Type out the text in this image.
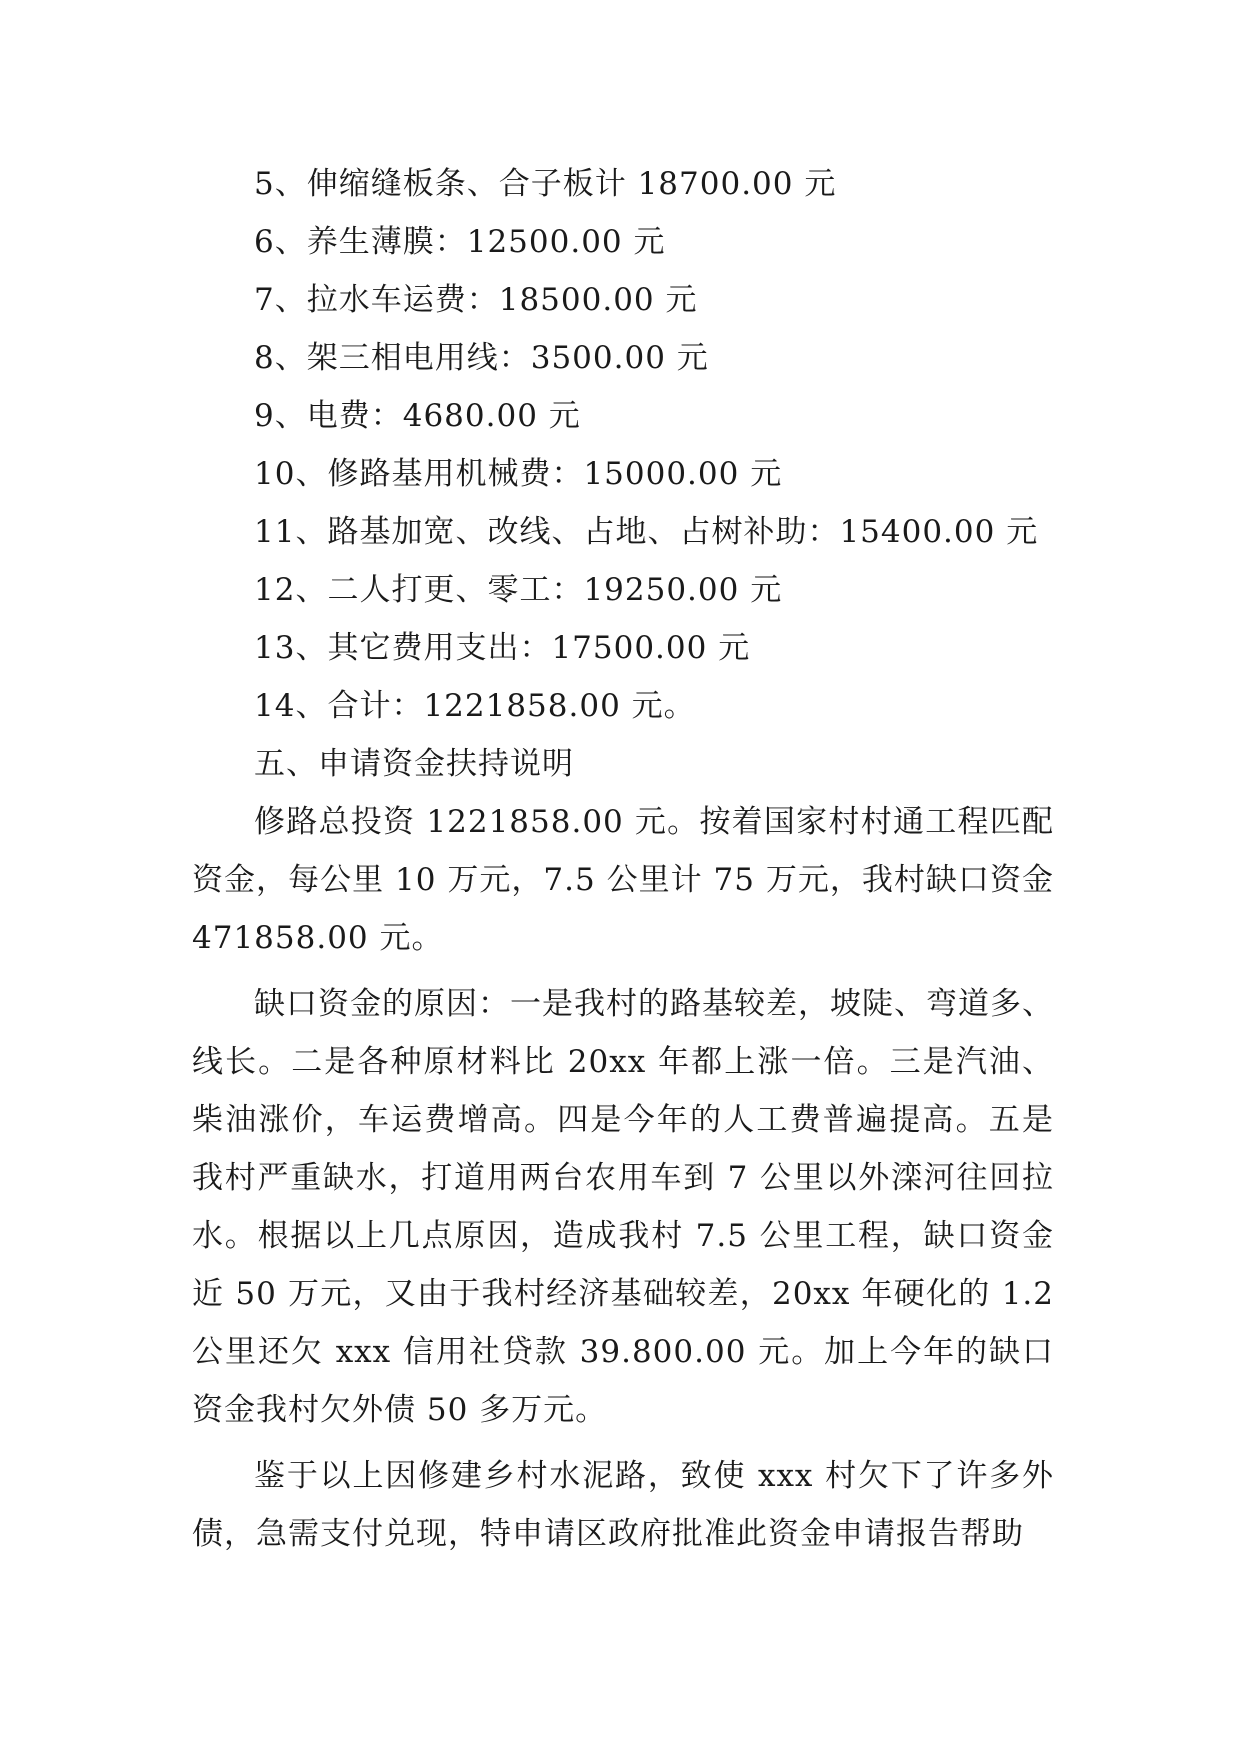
5、伸缩缝板条、合子板计 18700.00 元
6、养生薄膜：12500.00 元
7、拉水车运费：18500.00 元
8、架三相电用线：3500.00 元
9、电费：4680.00 元
10、修路基用机械费：15000.00 元
11、路基加宽、改线、占地、占树补助：15400.00 元
12、二人打更、零工：19250.00 元
13、其它费用支出：17500.00 元
14、合计：1221858.00 元。
五、申请资金扶持说明

修路总投资 1221858.00 元。按着国家村村通工程匹配资金，每公里 10 万元，7.5 公里计 75 万元，我村缺口资金 471858.00 元。

缺口资金的原因：一是我村的路基较差，坡陡、弯道多、线长。二是各种原材料比 20xx 年都上涨一倍。三是汽油、柴油涨价，车运费增高。四是今年的人工费普遍提高。五是我村严重缺水，打道用两台农用车到 7 公里以外滦河往回拉水。根据以上几点原因，造成我村 7.5 公里工程，缺口资金近 50 万元，又由于我村经济基础较差，20xx 年硬化的 1.2 公里还欠 xxx 信用社贷款 39.800.00 元。加上今年的缺口资金我村欠外债 50 多万元。

鉴于以上因修建乡村水泥路，致使 xxx 村欠下了许多外债，急需支付兑现，特申请区政府批准此资金申请报告帮助
